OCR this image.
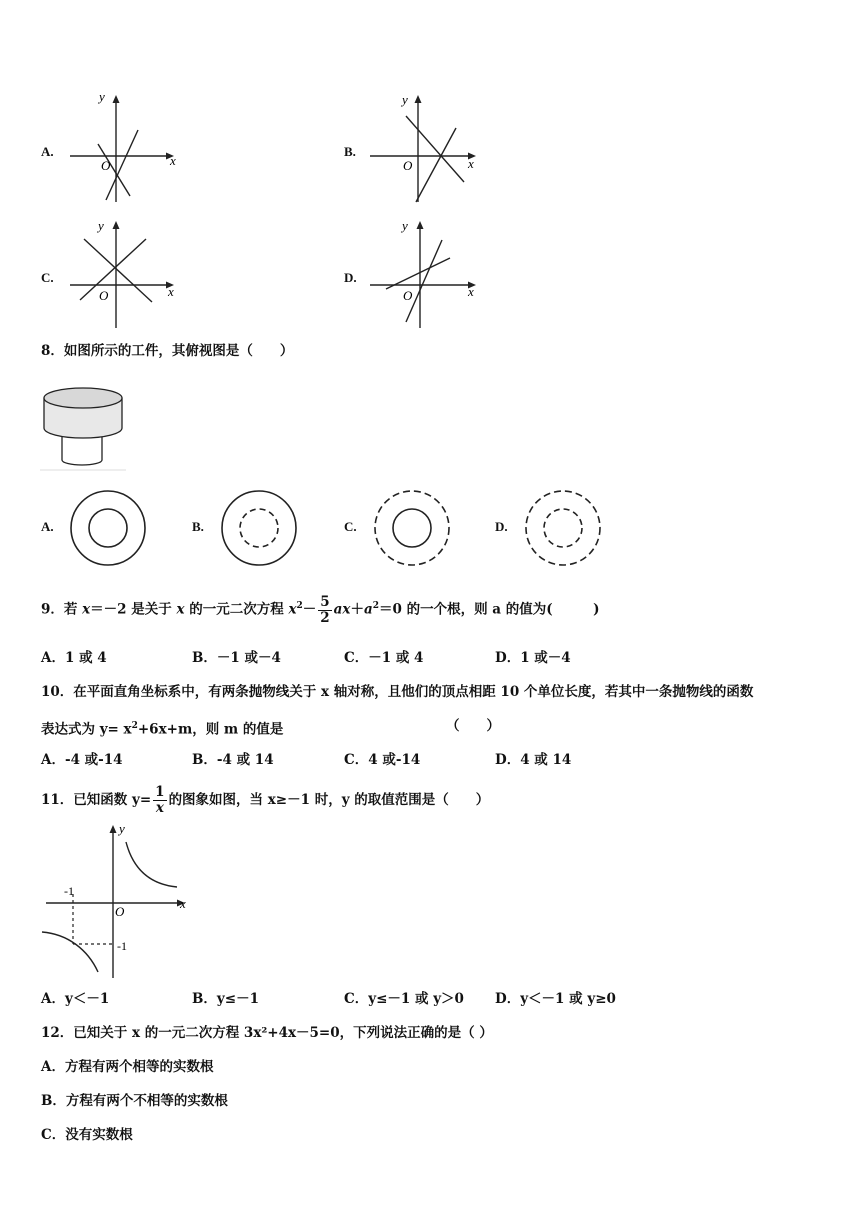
A.
y
x
O
B.
y
x
O
C.
y
x
O
D.
y
x
O
8．如图所示的工件，其俯视图是（　　）
A.	B.	C.	D.
9．若 x＝－2 是关于 x 的一元二次方程 $x^2- \frac{5}{2} ax+a^2=0$ 的一个根，则 a 的值为(　　　)
A．1 或 4	B．－1 或－4	C．－1 或 4	D．1 或－4
10．在平面直角坐标系中，有两条抛物线关于 x 轴对称，且他们的顶点相距 10 个单位长度，若其中一条抛物线的函数
表达式为 $y= x^2+6x+m$，则 m 的值是	（　　）
A．-4 或-14	B．-4 或 14	C．4 或-14	D．4 或 14
11．已知函数 $y= \frac{1}{x}$ 的图象如图，当 x≥－1 时，y 的取值范围是（　　）
y
x
O
-1
-1
A．y＜－1	B．y≤－1	C．y≤－1 或 y＞0 D．y＜－1 或 y≥0
12．已知关于 x 的一元二次方程 3x²+4x－5=0，下列说法正确的是（ ）
A．方程有两个相等的实数根
B．方程有两个不相等的实数根
C．没有实数根
